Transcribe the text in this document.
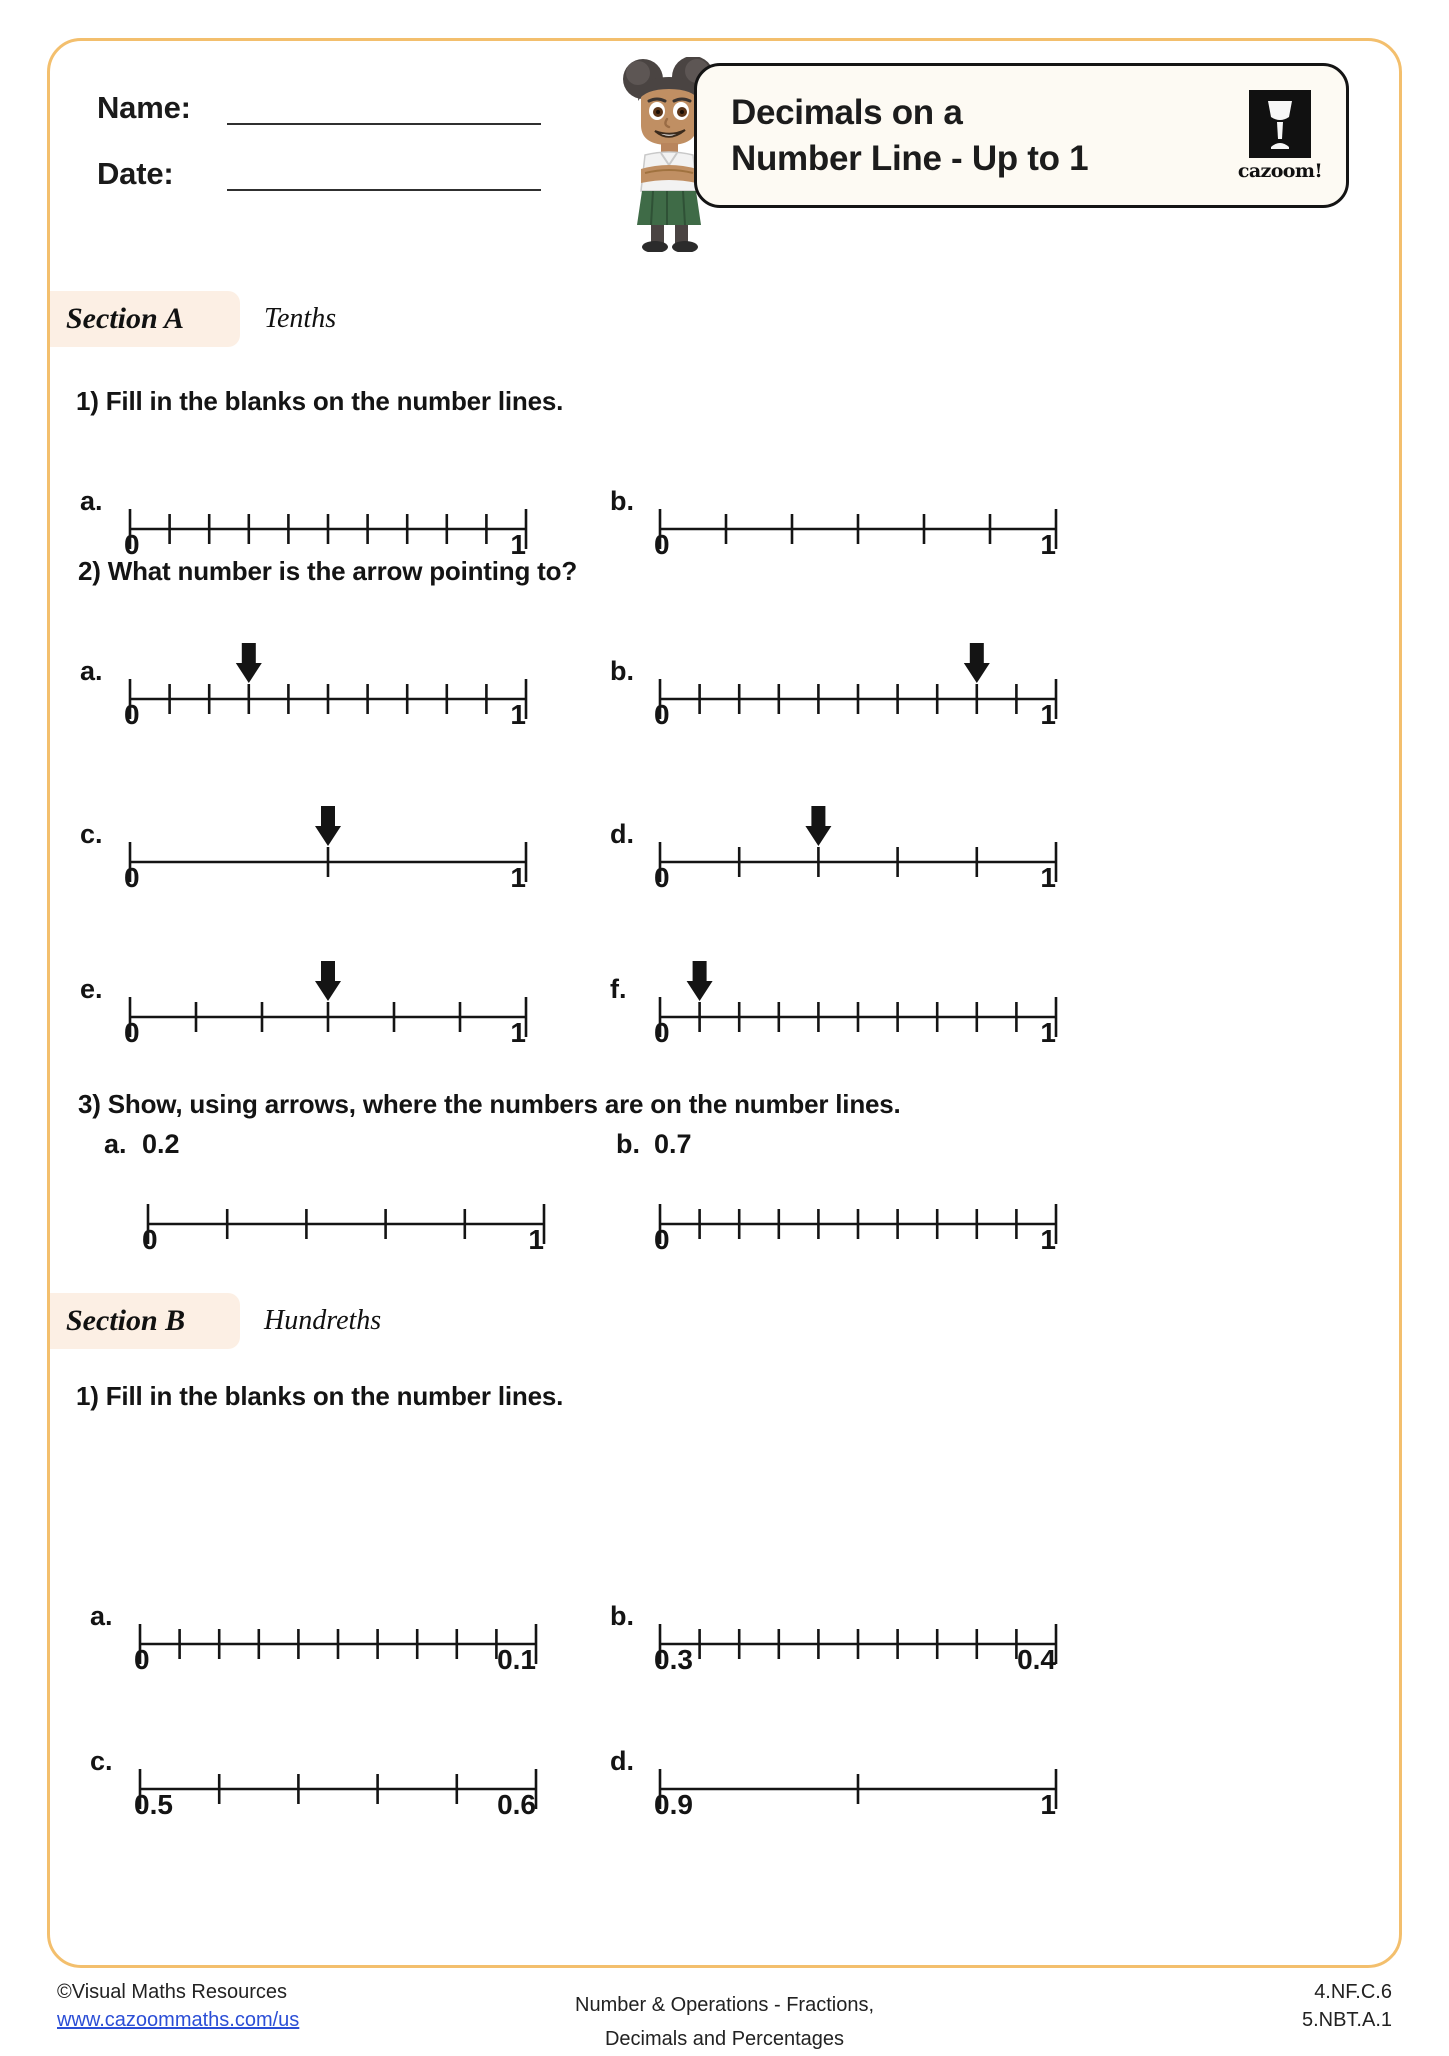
Name:
Date:
Decimals on a
Number Line - Up to 1	cazoom!
Section A	Tenths
1) Fill in the blanks on the number lines.
a.
0	1
b.
0	1
2) What number is the arrow pointing to?
a.
0	1
b.
0	1
c.
0	1
d.
0	1
e.
0	1
f.
0	1
3) Show, using arrows, where the numbers are on the number lines.
a. 0.2
0	1
b. 0.7
0	1
Section B	Hundreths
1) Fill in the blanks on the number lines.
a.
0	0.1
b.
0.3	0.4
c.
0.5	0.6
d.
0.9	1
©Visual Maths Resources
www.cazoommaths.com/us
Number & Operations - Fractions,
Decimals and Percentages
4.NF.C.6
5.NBT.A.1
